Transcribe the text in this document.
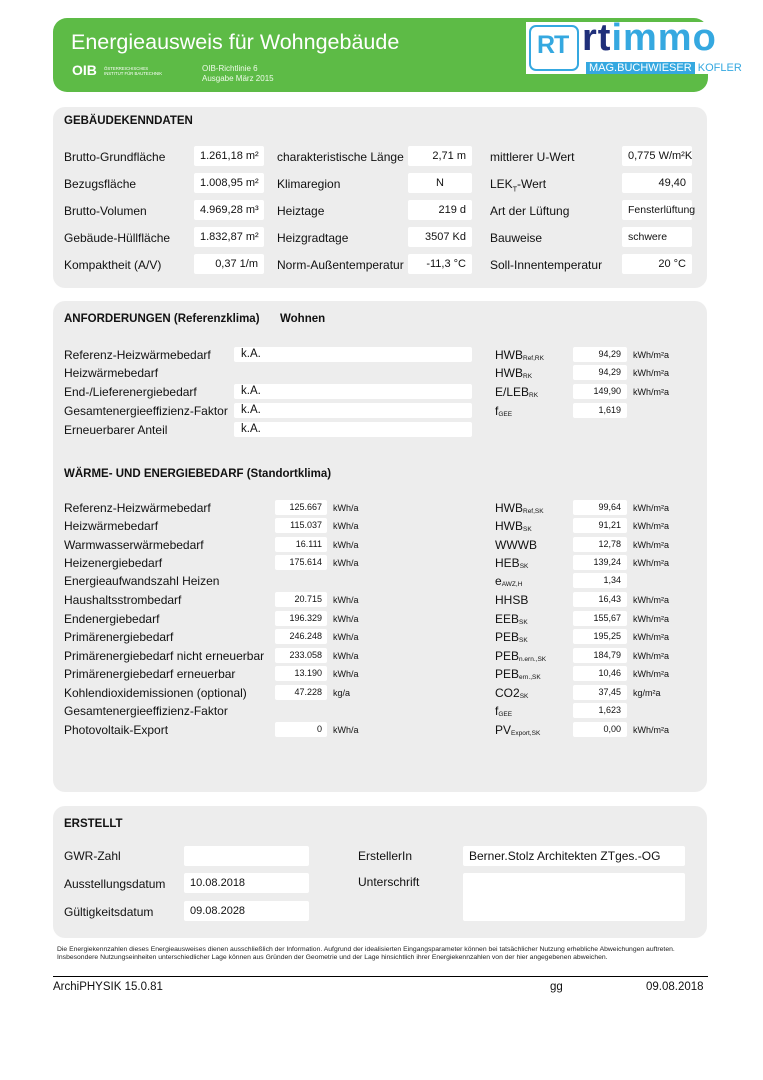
Energieausweis für Wohngebäude
OIB ÖSTERREICHISCHES
INSTITUT FÜR BAUTECHNIK
OIB-Richtlinie 6
Ausgabe März 2015
RT rtimmo
MAG.BUCHWIESER KOFLER
GEBÄUDEKENNDATEN
Brutto-Grundfläche	1.261,18 m²	charakteristische Länge	2,71 m	mittlerer U-Wert	0,775 W/m²K
Bezugsfläche	1.008,95 m²	Klimaregion	N	$LEK_T$-Wert	49,40
Brutto-Volumen	4.969,28 m³	Heiztage	219 d	Art der Lüftung	Fensterlüftung
Gebäude-Hüllfläche	1.832,87 m²	Heizgradtage	3507 Kd	Bauweise	schwere
Kompaktheit (A/V)	0,37 1/m	Norm-Außentemperatur	-11,3 °C	Soll-Innentemperatur	20 °C
ANFORDERUNGEN (Referenzklima) Wohnen
Referenz-Heizwärmebedarf	k.A.	$HWB_{Ref,RK}$	94,29	kWh/m²a
Heizwärmebedarf	$HWB_{RK}$	94,29	kWh/m²a
End-/Lieferenergiebedarf	k.A.	$E/LEB_{RK}$	149,90	kWh/m²a
Gesamtenergieeffizienz-Faktor k.A.	$f_{GEE}$	1,619
Erneuerbarer Anteil	k.A.
WÄRME- UND ENERGIEBEDARF (Standortklima)
Referenz-Heizwärmebedarf	125.667	kWh/a	$HWB_{Ref,SK}$	99,64	kWh/m²a
Heizwärmebedarf	115.037	kWh/a	$HWB_{SK}$	91,21	kWh/m²a
Warmwasserwärmebedarf	16.111	kWh/a	WWWB	12,78	kWh/m²a
Heizenergiebedarf	175.614	kWh/a	$HEB_{SK}$	139,24	kWh/m²a
Energieaufwandszahl Heizen	$e_{AWZ,H}$	1,34
Haushaltsstrombedarf	20.715	kWh/a	HHSB	16,43	kWh/m²a
Endenergiebedarf	196.329	kWh/a	$EEB_{SK}$	155,67	kWh/m²a
Primärenergiebedarf	246.248	kWh/a	$PEB_{SK}$	195,25	kWh/m²a
Primärenergiebedarf nicht erneuerbar	233.058	kWh/a	$PEB_{n.ern.,SK}$	184,79	kWh/m²a
Primärenergiebedarf erneuerbar	13.190	kWh/a	$PEB_{ern.,SK}$	10,46	kWh/m²a
Kohlendioxidemissionen (optional)	47.228	kg/a	$CO2_{SK}$	37,45	kg/m²a
Gesamtenergieeffizienz-Faktor	$f_{GEE}$	1,623
Photovoltaik-Export	0	kWh/a	$PV_{Export,SK}$	0,00	kWh/m²a
ERSTELLT
GWR-Zahl
Ausstellungsdatum	10.08.2018
Gültigkeitsdatum	09.08.2028
ErstellerIn	Berner.Stolz Architekten ZTges.-OG
Unterschrift
Die Energiekennzahlen dieses Energieausweises dienen ausschließlich der Information. Aufgrund der idealisierten Eingangsparameter können bei tatsächlicher Nutzung erhebliche Abweichungen auftreten. Insbesondere Nutzungseinheiten unterschiedlicher Lage können aus Gründen der Geometrie und der Lage hinsichtlich ihrer Energiekennzahlen von der hier angegebenen abweichen.
ArchiPHYSIK 15.0.81	gg	09.08.2018
